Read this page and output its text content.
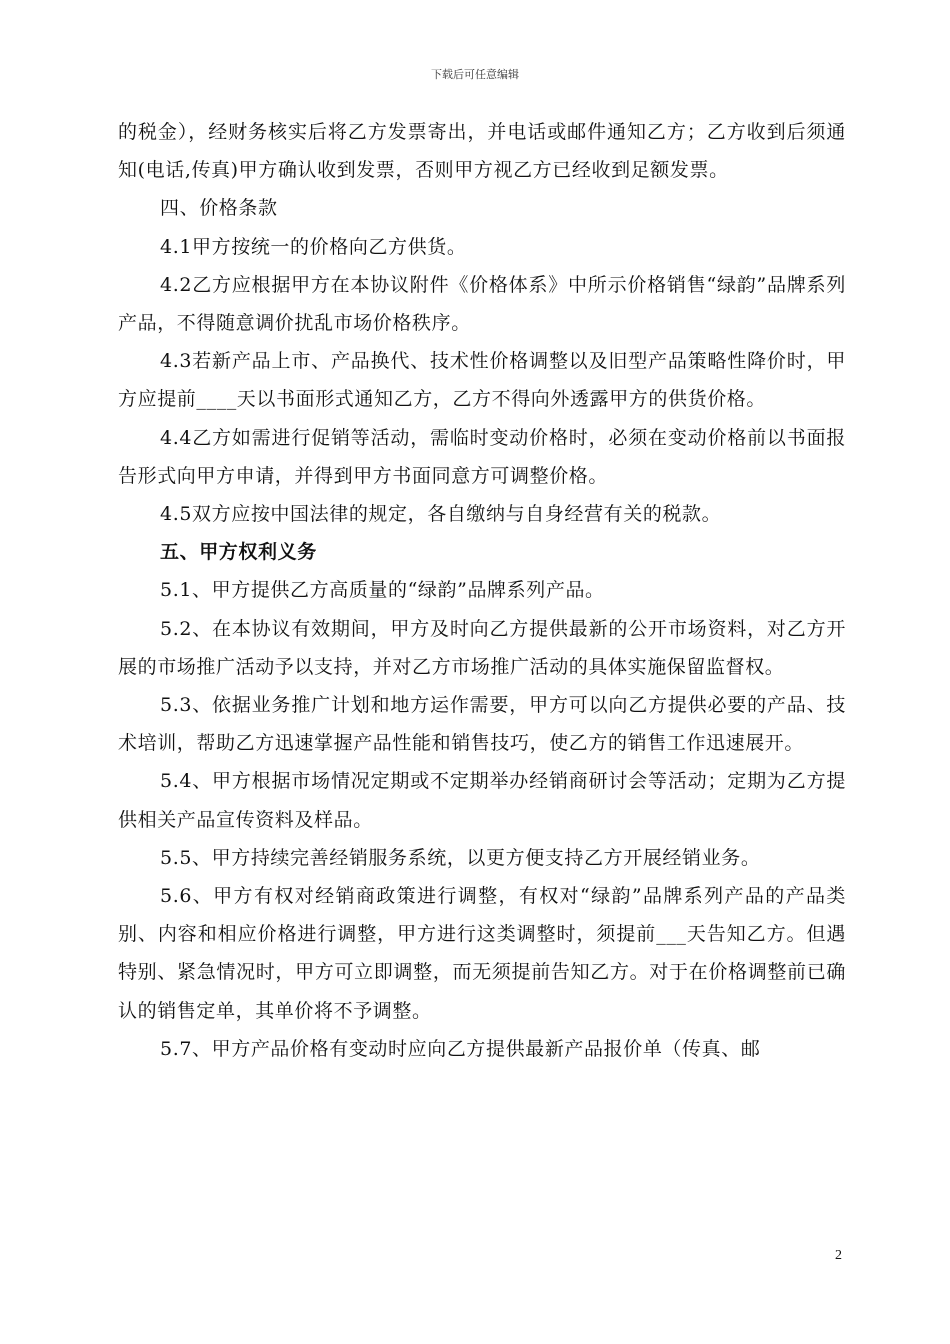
下载后可任意编辑

的税金），经财务核实后将乙方发票寄出，并电话或邮件通知乙方；乙方收到后须通知(电话,传真)甲方确认收到发票，否则甲方视乙方已经收到足额发票。

四、价格条款

4.1甲方按统一的价格向乙方供货。

4.2乙方应根据甲方在本协议附件《价格体系》中所示价格销售“绿韵”品牌系列产品，不得随意调价扰乱市场价格秩序。

4.3若新产品上市、产品换代、技术性价格调整以及旧型产品策略性降价时，甲方应提前____天以书面形式通知乙方，乙方不得向外透露甲方的供货价格。

4.4乙方如需进行促销等活动，需临时变动价格时，必须在变动价格前以书面报告形式向甲方申请，并得到甲方书面同意方可调整价格。

4.5双方应按中国法律的规定，各自缴纳与自身经营有关的税款。

五、甲方权利义务

5.1、甲方提供乙方高质量的“绿韵”品牌系列产品。

5.2、在本协议有效期间，甲方及时向乙方提供最新的公开市场资料，对乙方开展的市场推广活动予以支持，并对乙方市场推广活动的具体实施保留监督权。

5.3、依据业务推广计划和地方运作需要，甲方可以向乙方提供必要的产品、技术培训，帮助乙方迅速掌握产品性能和销售技巧，使乙方的销售工作迅速展开。

5.4、甲方根据市场情况定期或不定期举办经销商研讨会等活动；定期为乙方提供相关产品宣传资料及样品。

5.5、甲方持续完善经销服务系统，以更方便支持乙方开展经销业务。

5.6、甲方有权对经销商政策进行调整，有权对“绿韵”品牌系列产品的产品类别、内容和相应价格进行调整，甲方进行这类调整时，须提前___天告知乙方。但遇特别、紧急情况时，甲方可立即调整，而无须提前告知乙方。对于在价格调整前已确认的销售定单，其单价将不予调整。

5.7、甲方产品价格有变动时应向乙方提供最新产品报价单（传真、邮

2
